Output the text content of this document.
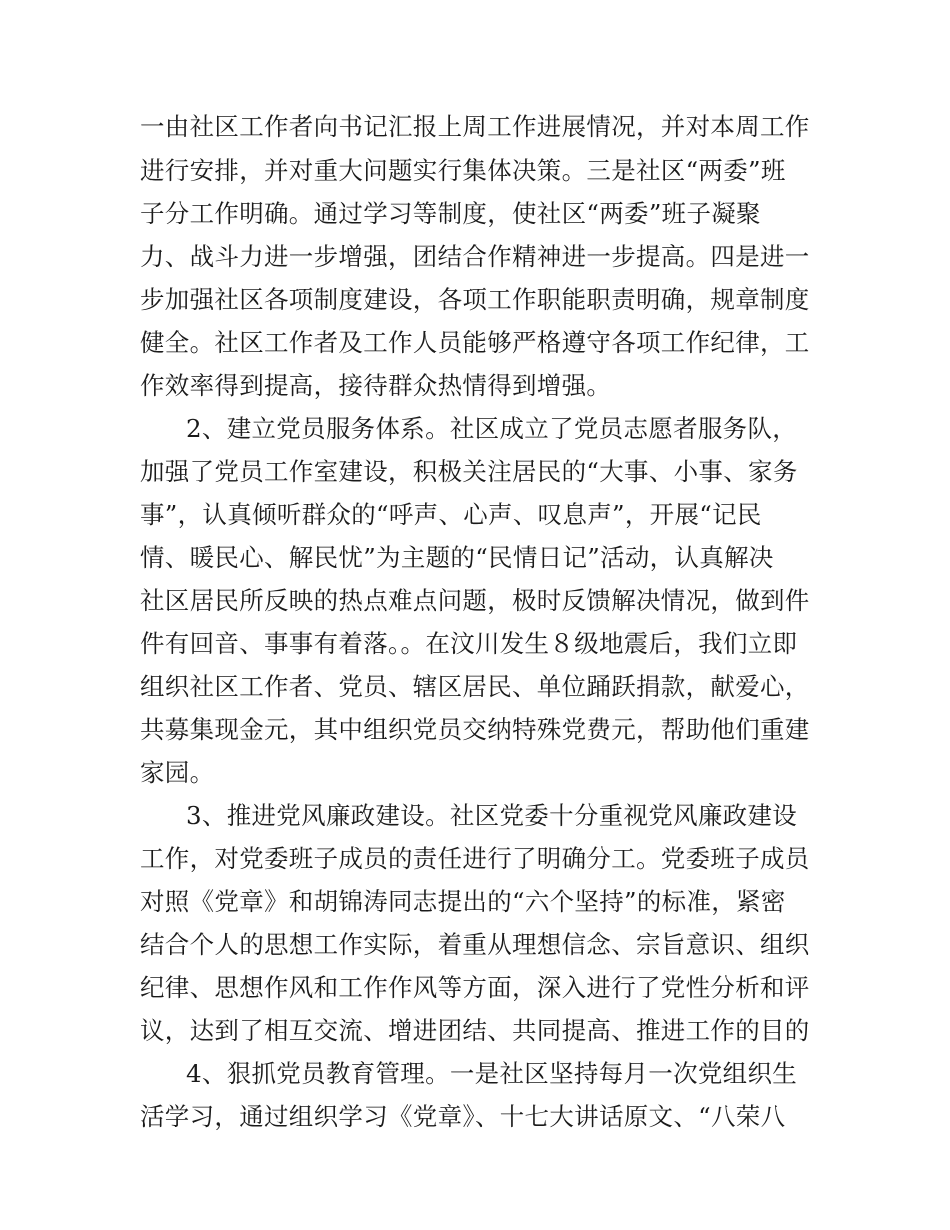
一由社区工作者向书记汇报上周工作进展情况，并对本周工作
进行安排，并对重大问题实行集体决策。三是社区“两委”班
子分工作明确。通过学习等制度，使社区“两委”班子凝聚
力、战斗力进一步增强，团结合作精神进一步提高。四是进一
步加强社区各项制度建设，各项工作职能职责明确，规章制度
健全。社区工作者及工作人员能够严格遵守各项工作纪律，工
作效率得到提高，接待群众热情得到增强。
2、建立党员服务体系。社区成立了党员志愿者服务队，
加强了党员工作室建设，积极关注居民的“大事、小事、家务
事”，认真倾听群众的“呼声、心声、叹息声”，开展“记民
情、暖民心、解民忧”为主题的“民情日记”活动，认真解决
社区居民所反映的热点难点问题，极时反馈解决情况，做到件
件有回音、事事有着落。。在汶川发生８级地震后，我们立即
组织社区工作者、党员、辖区居民、单位踊跃捐款，献爱心，
共募集现金元，其中组织党员交纳特殊党费元，帮助他们重建
家园。
3、推进党风廉政建设。社区党委十分重视党风廉政建设
工作，对党委班子成员的责任进行了明确分工。党委班子成员
对照《党章》和胡锦涛同志提出的“六个坚持”的标准，紧密
结合个人的思想工作实际，着重从理想信念、宗旨意识、组织
纪律、思想作风和工作作风等方面，深入进行了党性分析和评
议，达到了相互交流、增进团结、共同提高、推进工作的目的
4、狠抓党员教育管理。一是社区坚持每月一次党组织生
活学习，通过组织学习《党章》、十七大讲话原文、“八荣八
